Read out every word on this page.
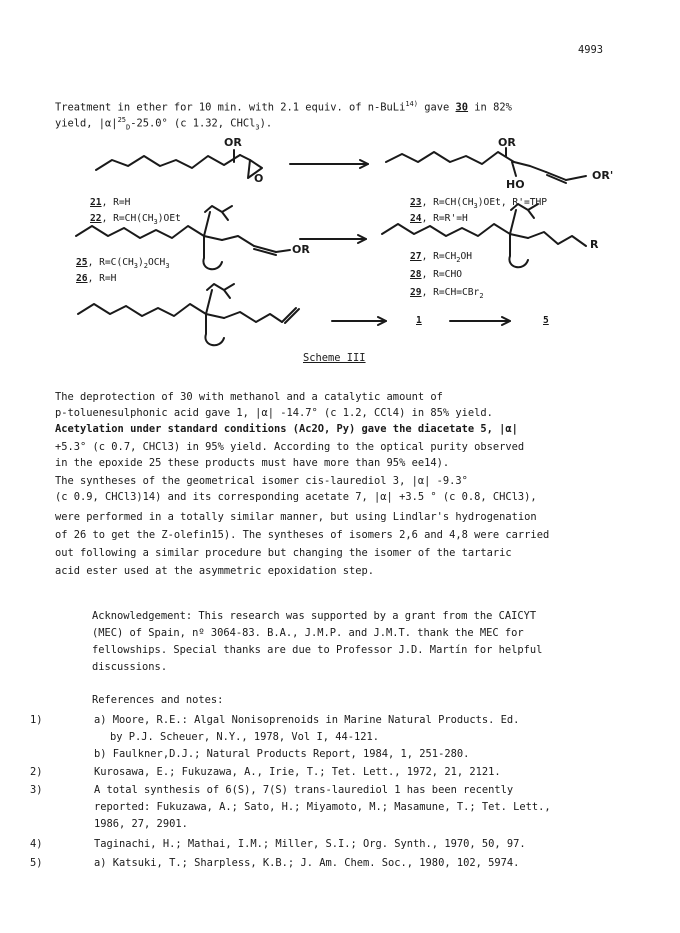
4993
Treatment in ether for 10 min. with 2.1 equiv. of n-BuLi$^{14)}$ gave 30 in 82%
yield, $|\alpha|^{25}_D-25.0^\circ$ (c 1.32, CHCl$_3$).
OR	OR
OR'
HO
O
OR	R
21, R=H
22, $R=CH(CH_3)OEt$
25, $R=C(CH_3)_2OCH_3$
26, R=H
23, $R=CH(CH_3)OEt$, R'=THP
24, R=R'=H
27, $R=CH_2OH$
28, R=CHO
29, R=CH=CBr$_2$
1	5
Scheme III
The deprotection of 30 with methanol and a catalytic amount of
p-toluenesulphonic acid gave 1, |α| -14.7° (c 1.2, CCl4) in 85% yield.
Acetylation under standard conditions (Ac2O, Py) gave the diacetate 5, |α|
+5.3° (c 0.7, CHCl3) in 95% yield. According to the optical purity observed
in the epoxide 25 these products must have more than 95% ee14).
The syntheses of the geometrical isomer cis-laurediol 3, |α| -9.3°
(c 0.9, CHCl3)14) and its corresponding acetate 7, |α| +3.5 ° (c 0.8, CHCl3),
were performed in a totally similar manner, but using Lindlar's hydrogenation
of 26 to get the Z-olefin15). The syntheses of isomers 2,6 and 4,8 were carried
out following a similar procedure but changing the isomer of the tartaric
acid ester used at the asymmetric epoxidation step.
Acknowledgement: This research was supported by a grant from the CAICYT
(MEC) of Spain, nº 3064-83. B.A., J.M.P. and J.M.T. thank the MEC for
fellowships. Special thanks are due to Professor J.D. Martín for helpful
discussions.
References and notes:
1)	a) Moore, R.E.: Algal Nonisoprenoids in Marine Natural Products. Ed.
by P.J. Scheuer, N.Y., 1978, Vol I, 44-121.
b) Faulkner,D.J.; Natural Products Report, 1984, 1, 251-280.
2)	Kurosawa, E.; Fukuzawa, A., Irie, T.; Tet. Lett., 1972, 21, 2121.
3)	A total synthesis of 6(S), 7(S) trans-laurediol 1 has been recently
reported: Fukuzawa, A.; Sato, H.; Miyamoto, M.; Masamune, T.; Tet. Lett.,
1986, 27, 2901.
4)	Taginachi, H.; Mathai, I.M.; Miller, S.I.; Org. Synth., 1970, 50, 97.
5)	a) Katsuki, T.; Sharpless, K.B.; J. Am. Chem. Soc., 1980, 102, 5974.
